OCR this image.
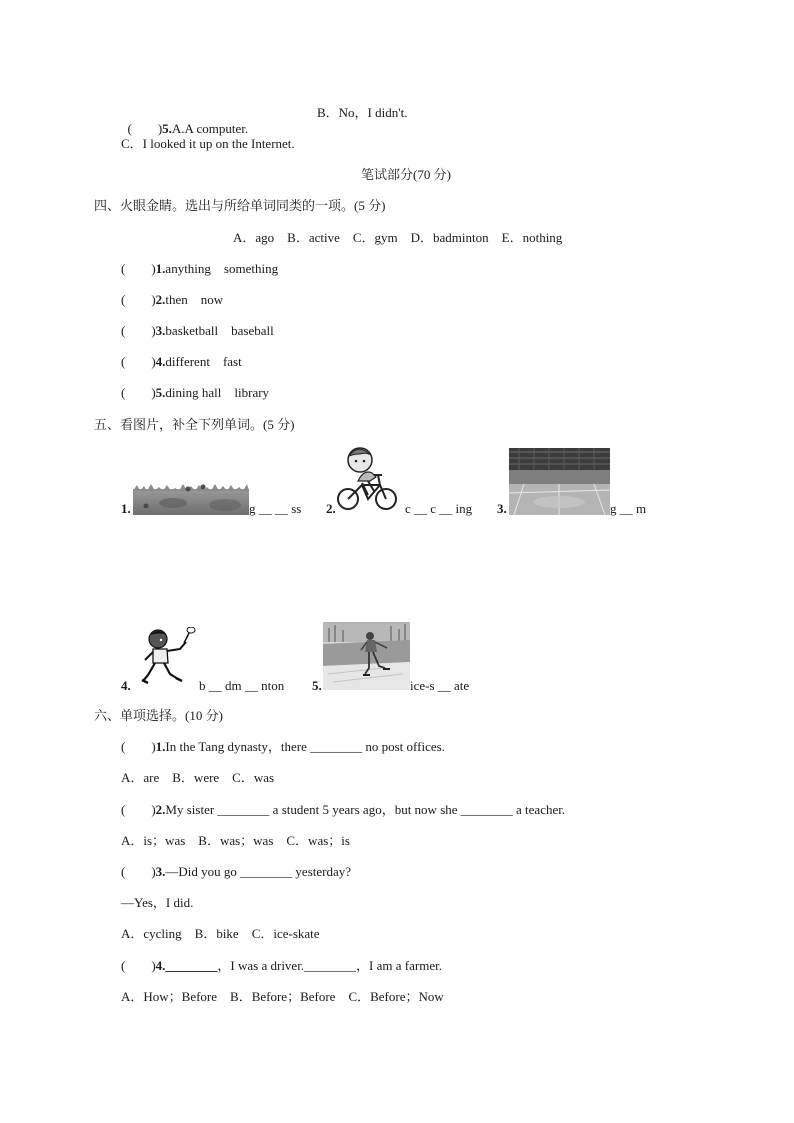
(　　)5.A.A computer.

B．No，I didn't.
C．I looked it up on the Internet.
笔试部分(70 分)
四、火眼金睛。选出与所给单词同类的一项。(5 分)
A．ago　B．active　C．gym　D．badminton　E．nothing
(　　)1.anything　something
(　　)2.then　now
(　　)3.basketball　baseball
(　　)4.different　fast
(　　)5.dining hall　library
五、看图片，补全下列单词。(5 分)
1.	g __ __ ss 2.	c __ c __ ing 3.	g __ m
4.	b __ dm __ nton 5.	ice-s __ ate
六、单项选择。(10 分)
(　　)1.In the Tang dynasty，there ________ no post offices.
A．are　B．were　C．was
(　　)2.My sister ________ a student 5 years ago，but now she ________ a teacher.
A．is；was　B．was；was　C．was；is
(　　)3.—Did you go ________ yesterday?
—Yes，I did.
A．cycling　B．bike　C．ice-skate
(　　)4.________，I was a driver.________，I am a farmer.
A．How；Before　B．Before；Before　C．Before；Now
